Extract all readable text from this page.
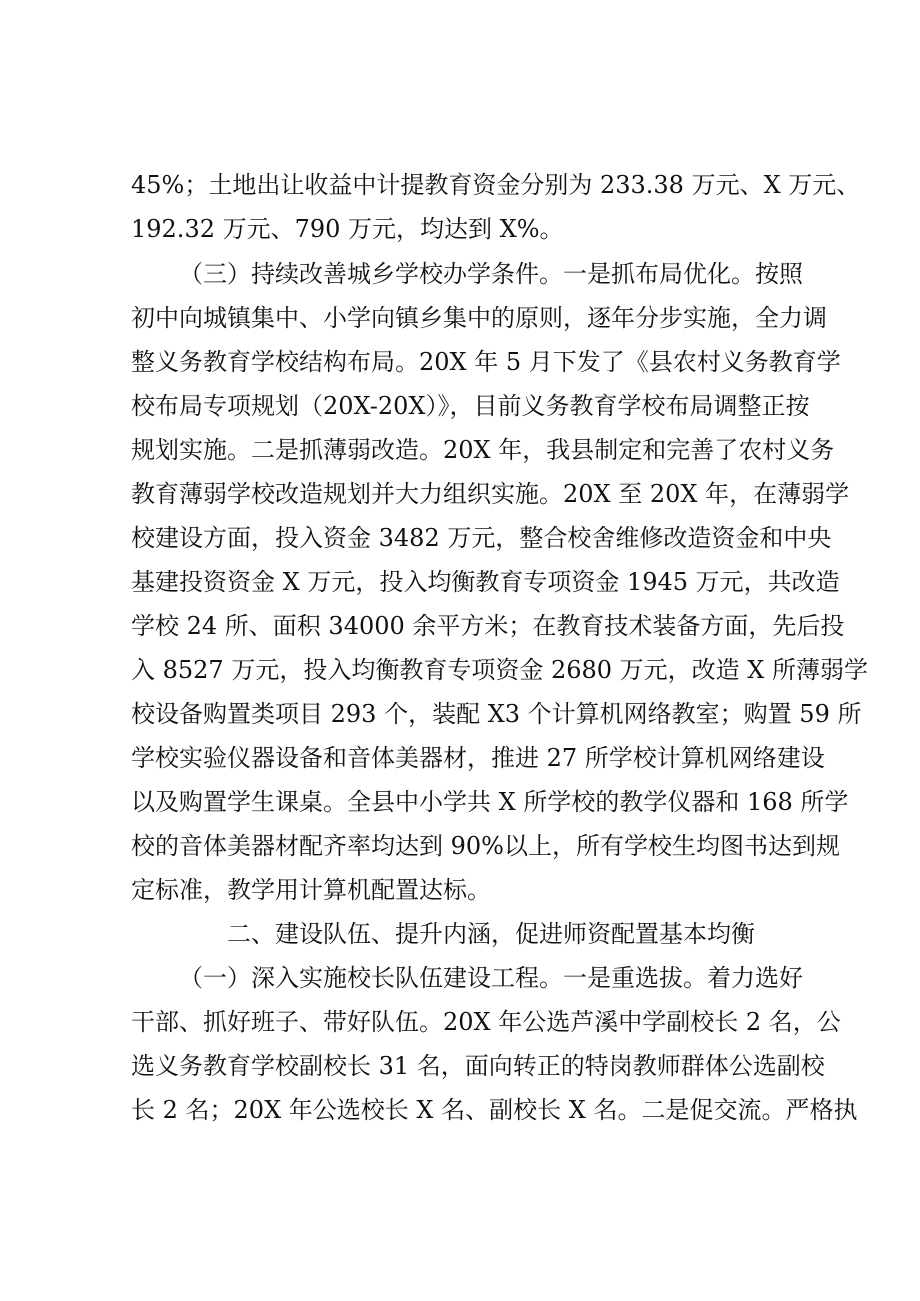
45%；土地出让收益中计提教育资金分别为 233.38 万元、X 万元、
192.32 万元、790 万元，均达到 X%。
（三）持续改善城乡学校办学条件。一是抓布局优化。按照
初中向城镇集中、小学向镇乡集中的原则，逐年分步实施，全力调
整义务教育学校结构布局。20X 年 5 月下发了《县农村义务教育学
校布局专项规划（20X-20X）》，目前义务教育学校布局调整正按
规划实施。二是抓薄弱改造。20X 年，我县制定和完善了农村义务
教育薄弱学校改造规划并大力组织实施。20X 至 20X 年，在薄弱学
校建设方面，投入资金 3482 万元，整合校舍维修改造资金和中央
基建投资资金 X 万元，投入均衡教育专项资金 1945 万元，共改造
学校 24 所、面积 34000 余平方米；在教育技术装备方面，先后投
入 8527 万元，投入均衡教育专项资金 2680 万元，改造 X 所薄弱学
校设备购置类项目 293 个，装配 X3 个计算机网络教室；购置 59 所
学校实验仪器设备和音体美器材，推进 27 所学校计算机网络建设
以及购置学生课桌。全县中小学共 X 所学校的教学仪器和 168 所学
校的音体美器材配齐率均达到 90%以上，所有学校生均图书达到规
定标准，教学用计算机配置达标。
二、建设队伍、提升内涵，促进师资配置基本均衡
（一）深入实施校长队伍建设工程。一是重选拔。着力选好
干部、抓好班子、带好队伍。20X 年公选芦溪中学副校长 2 名，公
选义务教育学校副校长 31 名，面向转正的特岗教师群体公选副校
长 2 名；20X 年公选校长 X 名、副校长 X 名。二是促交流。严格执
